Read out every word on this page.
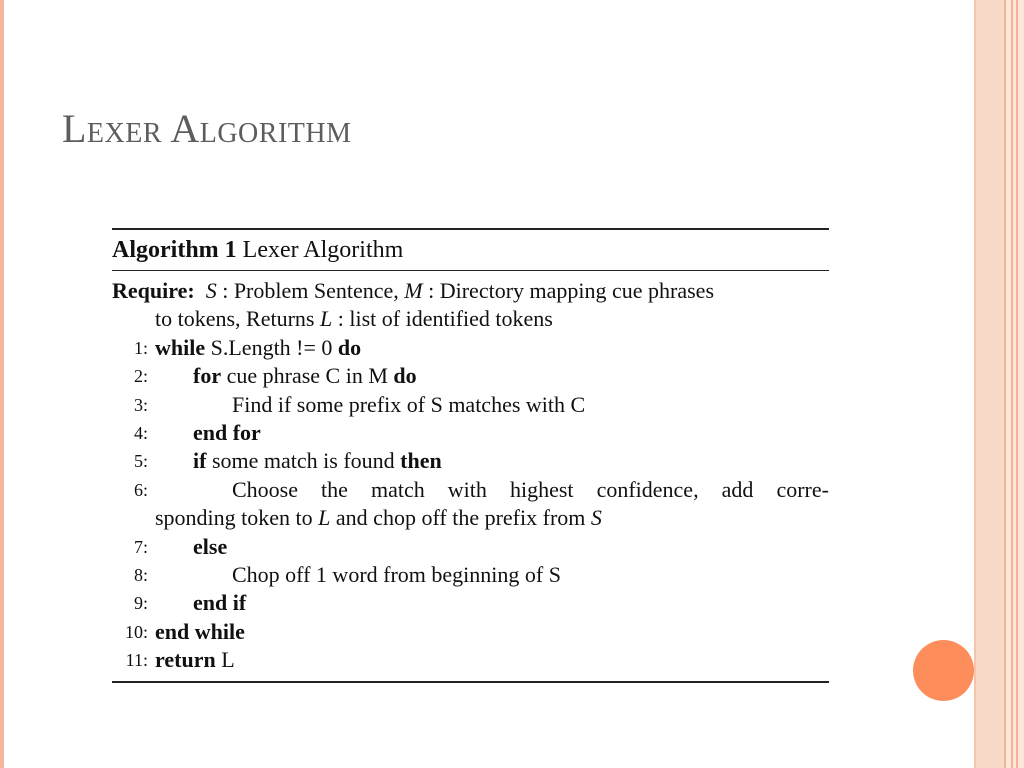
Lexer Algorithm
Algorithm 1 Lexer Algorithm
Require: S : Problem Sentence, M : Directory mapping cue phrases
to tokens, Returns L : list of identified tokens
1: while S.Length != 0 do
2:	for cue phrase C in M do
3:	Find if some prefix of S matches with C
4:	end for
5:	if some match is found then
6:	Choose the match with highest confidence, add corre-
sponding token to L and chop off the prefix from S
7:	else
8:	Chop off 1 word from beginning of S
9:	end if
10: end while
11: return L
